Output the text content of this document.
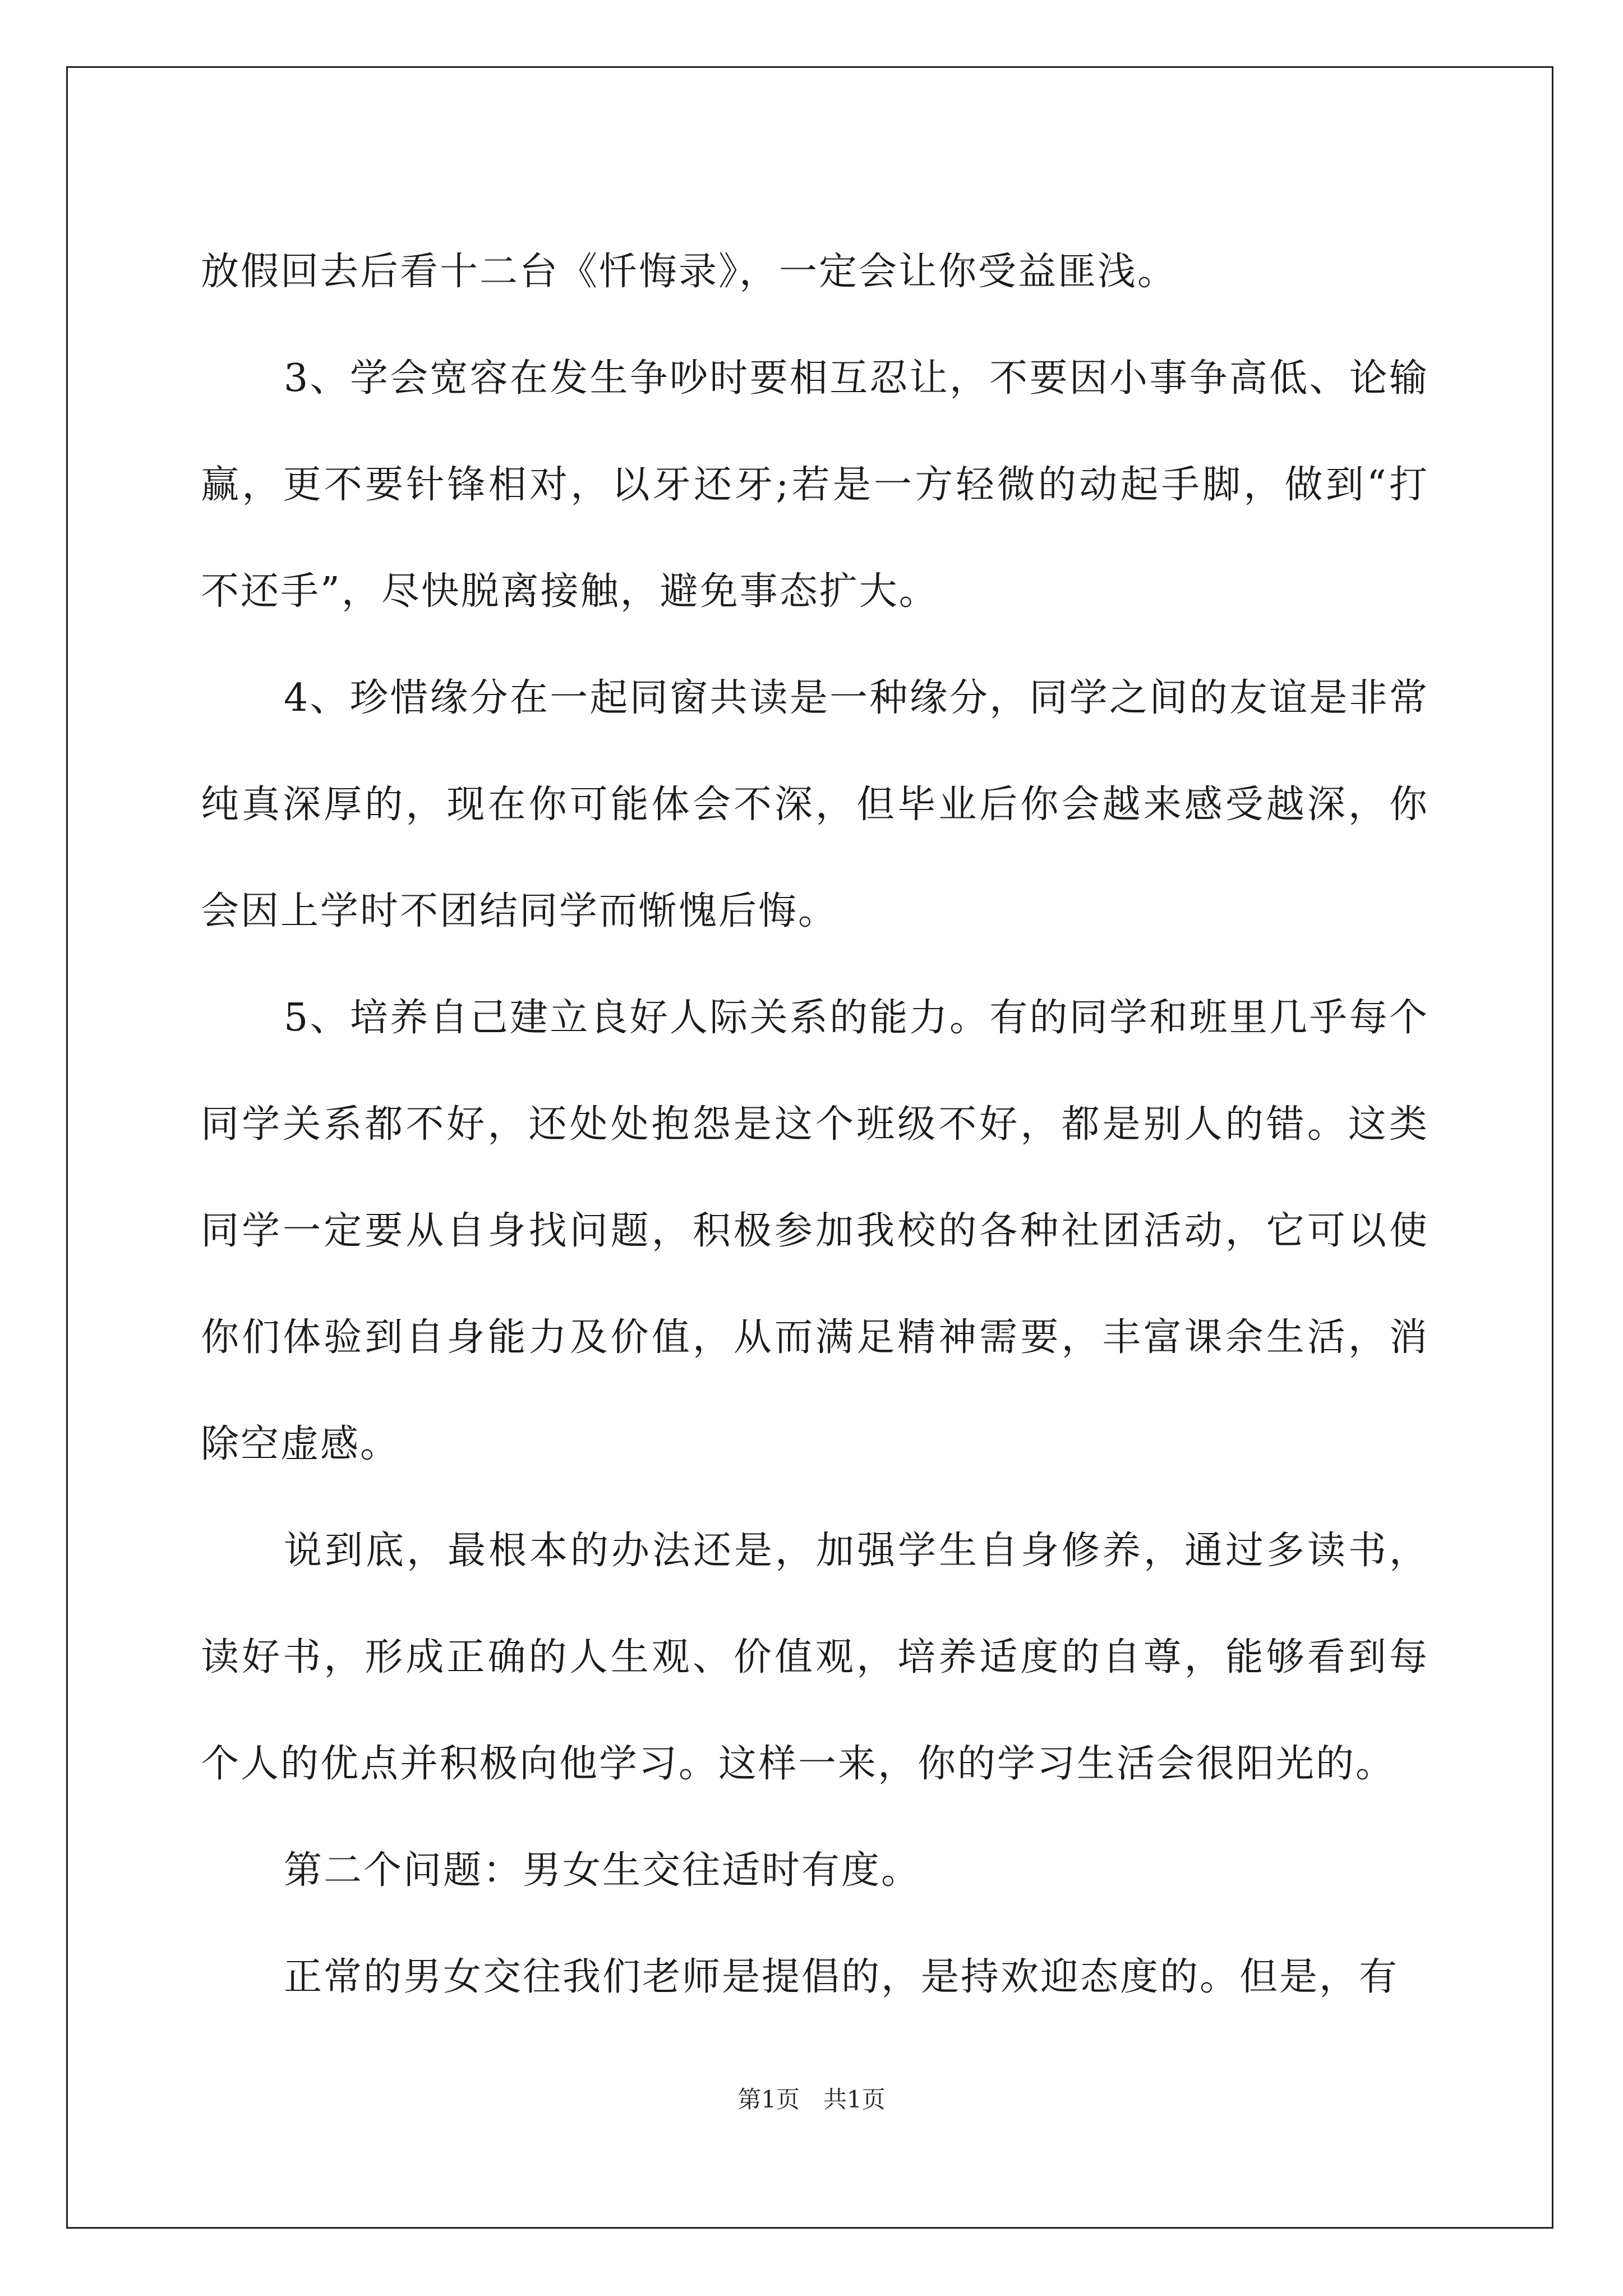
放假回去后看十二台《忏悔录》，一定会让你受益匪浅。

3、学会宽容在发生争吵时要相互忍让，不要因小事争高低、论输赢，更不要针锋相对，以牙还牙;若是一方轻微的动起手脚，做到“打不还手”，尽快脱离接触，避免事态扩大。

4、珍惜缘分在一起同窗共读是一种缘分，同学之间的友谊是非常纯真深厚的，现在你可能体会不深，但毕业后你会越来感受越深，你会因上学时不团结同学而惭愧后悔。

5、培养自己建立良好人际关系的能力。有的同学和班里几乎每个同学关系都不好，还处处抱怨是这个班级不好，都是别人的错。这类同学一定要从自身找问题，积极参加我校的各种社团活动，它可以使你们体验到自身能力及价值，从而满足精神需要，丰富课余生活，消除空虚感。

说到底，最根本的办法还是，加强学生自身修养，通过多读书，读好书，形成正确的人生观、价值观，培养适度的自尊，能够看到每个人的优点并积极向他学习。这样一来，你的学习生活会很阳光的。

第二个问题：男女生交往适时有度。

正常的男女交往我们老师是提倡的，是持欢迎态度的。但是，有

第1页　共1页
